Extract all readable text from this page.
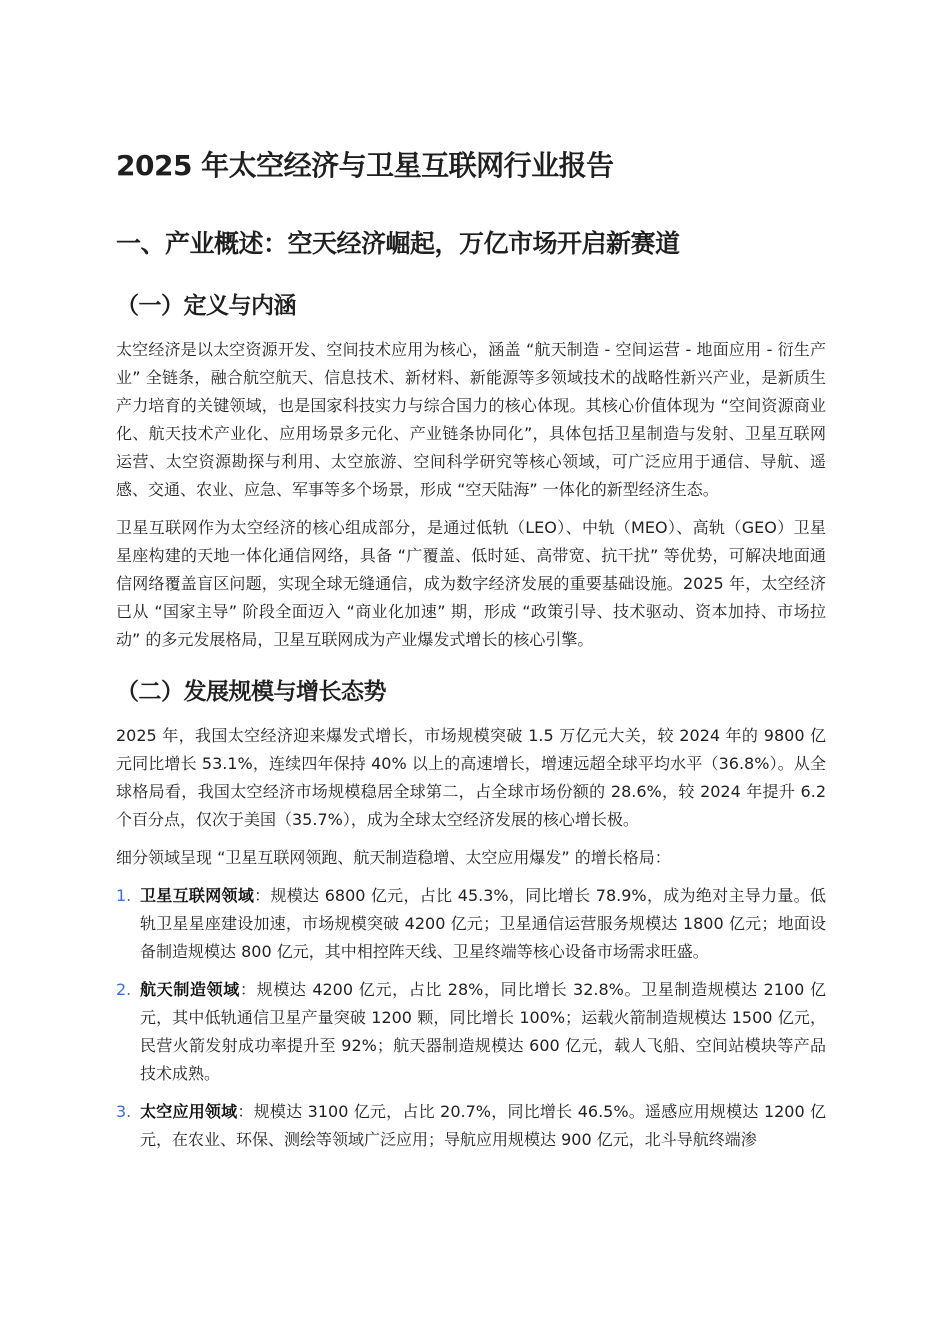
2025 年太空经济与卫星互联网行业报告
一、产业概述：空天经济崛起，万亿市场开启新赛道
（一）定义与内涵

太空经济是以太空资源开发、空间技术应用为核心，涵盖 “航天制造 - 空间运营 - 地面应用 - 衍生产业” 全链条，融合航空航天、信息技术、新材料、新能源等多领域技术的战略性新兴产业，是新质生产力培育的关键领域，也是国家科技实力与综合国力的核心体现。其核心价值体现为 “空间资源商业化、航天技术产业化、应用场景多元化、产业链条协同化”，具体包括卫星制造与发射、卫星互联网运营、太空资源勘探与利用、太空旅游、空间科学研究等核心领域，可广泛应用于通信、导航、遥感、交通、农业、应急、军事等多个场景，形成 “空天陆海” 一体化的新型经济生态。

卫星互联网作为太空经济的核心组成部分，是通过低轨（LEO）、中轨（MEO）、高轨（GEO）卫星星座构建的天地一体化通信网络，具备 “广覆盖、低时延、高带宽、抗干扰” 等优势，可解决地面通信网络覆盖盲区问题，实现全球无缝通信，成为数字经济发展的重要基础设施。2025 年，太空经济已从 “国家主导” 阶段全面迈入 “商业化加速” 期，形成 “政策引导、技术驱动、资本加持、市场拉动” 的多元发展格局，卫星互联网成为产业爆发式增长的核心引擎。

（二）发展规模与增长态势

2025 年，我国太空经济迎来爆发式增长，市场规模突破 1.5 万亿元大关，较 2024 年的 9800 亿元同比增长 53.1%，连续四年保持 40% 以上的高速增长，增速远超全球平均水平（36.8%）。从全球格局看，我国太空经济市场规模稳居全球第二，占全球市场份额的 28.6%，较 2024 年提升 6.2 个百分点，仅次于美国（35.7%），成为全球太空经济发展的核心增长极。

细分领域呈现 “卫星互联网领跑、航天制造稳增、太空应用爆发” 的增长格局：

1. 卫星互联网领域：规模达 6800 亿元，占比 45.3%，同比增长 78.9%，成为绝对主导力量。低轨卫星星座建设加速，市场规模突破 4200 亿元；卫星通信运营服务规模达 1800 亿元；地面设备制造规模达 800 亿元，其中相控阵天线、卫星终端等核心设备市场需求旺盛。
2. 航天制造领域：规模达 4200 亿元，占比 28%，同比增长 32.8%。卫星制造规模达 2100 亿元，其中低轨通信卫星产量突破 1200 颗，同比增长 100%；运载火箭制造规模达 1500 亿元，民营火箭发射成功率提升至 92%；航天器制造规模达 600 亿元，载人飞船、空间站模块等产品技术成熟。
3. 太空应用领域：规模达 3100 亿元，占比 20.7%，同比增长 46.5%。遥感应用规模达 1200 亿元，在农业、环保、测绘等领域广泛应用；导航应用规模达 900 亿元，北斗导航终端渗
